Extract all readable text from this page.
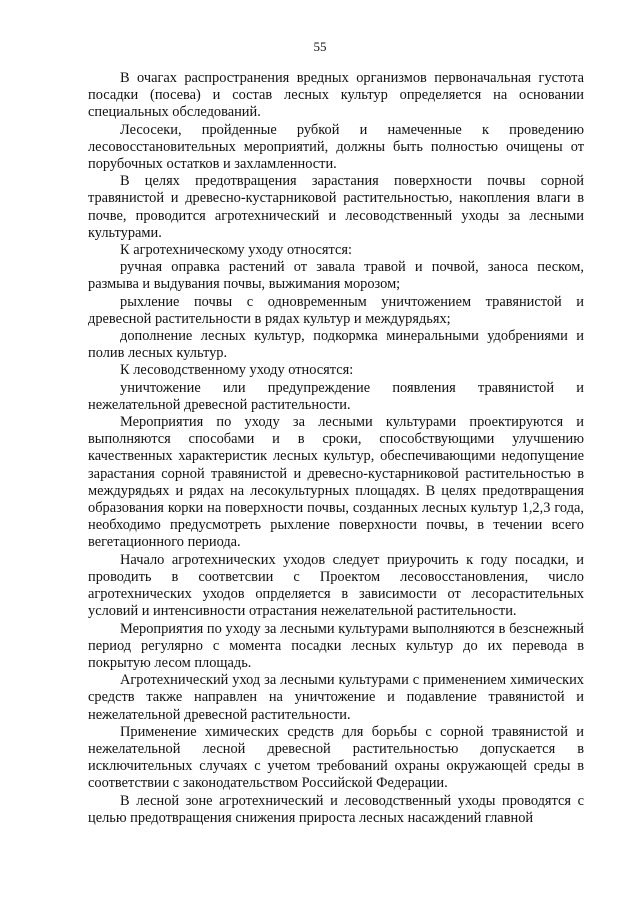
55

В очагах распространения вредных организмов первоначальная густота посадки (посева) и состав лесных культур определяется на основании специальных обследований.

Лесосеки, пройденные рубкой и намеченные к проведению лесовосстановительных мероприятий, должны быть полностью очищены от порубочных остатков и захламленности.

В целях предотвращения зарастания поверхности почвы сорной травянистой и древесно-кустарниковой растительностью, накопления влаги в почве, проводится агротехнический и лесоводственный уходы за лесными культурами.

К агротехническому уходу относятся:

ручная оправка растений от завала травой и почвой, заноса песком, размыва и выдувания почвы, выжимания морозом;

рыхление почвы с одновременным уничтожением травянистой и древесной растительности в рядах культур и междурядьях;

дополнение лесных культур, подкормка минеральными удобрениями и полив лесных культур.

К лесоводственному уходу относятся:

уничтожение или предупреждение появления травянистой и нежелательной древесной растительности.

Мероприятия по уходу за лесными культурами проектируются и выполняются способами и в сроки, способствующими улучшению качественных характеристик лесных культур, обеспечивающими недопущение зарастания сорной травянистой и древесно-кустарниковой растительностью в междурядьях и рядах на лесокультурных площадях. В целях предотвращения образования корки на поверхности почвы, созданных лесных культур 1,2,3 года, необходимо предусмотреть рыхление поверхности почвы, в течении всего вегетационного периода.

Начало агротехнических уходов следует приурочить к году посадки, и проводить в соответсвии с Проектом лесовосстановления, число агротехнических уходов опрделяется в зависимости от лесорастительных условий и интенсивности отрастания нежелательной растительности.

Мероприятия по уходу за лесными культурами выполняются в безснежный период регулярно с момента посадки лесных культур до их перевода в покрытую лесом площадь.

Агротехнический уход за лесными культурами с применением химических средств также направлен на уничтожение и подавление травянистой и нежелательной древесной растительности.

Применение химических средств для борьбы с сорной травянистой и нежелательной лесной древесной растительностью допускается в исключительных случаях с учетом требований охраны окружающей среды в соответствии с законодательством Российской Федерации.

В лесной зоне агротехнический и лесоводственный уходы проводятся с целью предотвращения снижения прироста лесных насаждений главной
